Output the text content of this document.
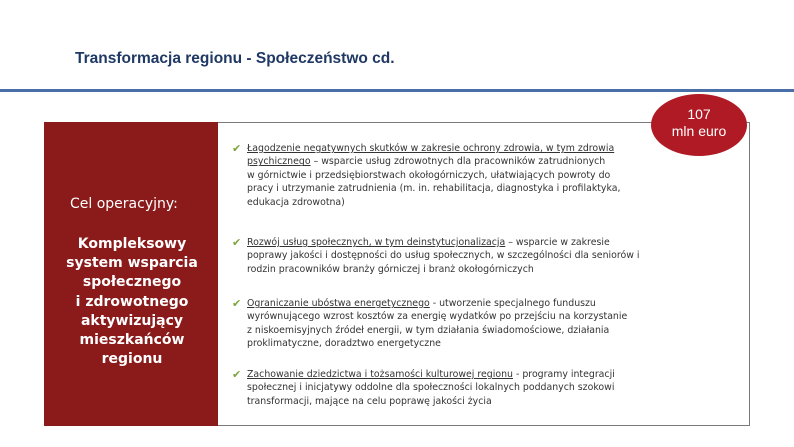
Transformacja regionu - Społeczeństwo cd.
Cel operacyjny:
Kompleksowy
system wsparcia
społecznego
i zdrowotnego
aktywizujący
mieszkańców
regionu
107
mln euro
✔ Łagodzenie negatywnych skutków w zakresie ochrony zdrowia, w tym zdrowia
psychicznego – wsparcie usług zdrowotnych dla pracowników zatrudnionych
w górnictwie i przedsiębiorstwach okołogórniczych, ułatwiających powroty do
pracy i utrzymanie zatrudnienia (m. in. rehabilitacja, diagnostyka i profilaktyka,
edukacja zdrowotna)
✔ Rozwój usług społecznych, w tym deinstytucjonalizacja – wsparcie w zakresie
poprawy jakości i dostępności do usług społecznych, w szczególności dla seniorów i
rodzin pracowników branży górniczej i branż okołogórniczych
✔ Ograniczanie ubóstwa energetycznego - utworzenie specjalnego funduszu
wyrównującego wzrost kosztów za energię wydatków po przejściu na korzystanie
z niskoemisyjnych źródeł energii, w tym działania świadomościowe, działania
proklimatyczne, doradztwo energetyczne
✔ Zachowanie dziedzictwa i tożsamości kulturowej regionu - programy integracji
społecznej i inicjatywy oddolne dla społeczności lokalnych poddanych szokowi
transformacji, mające na celu poprawę jakości życia
